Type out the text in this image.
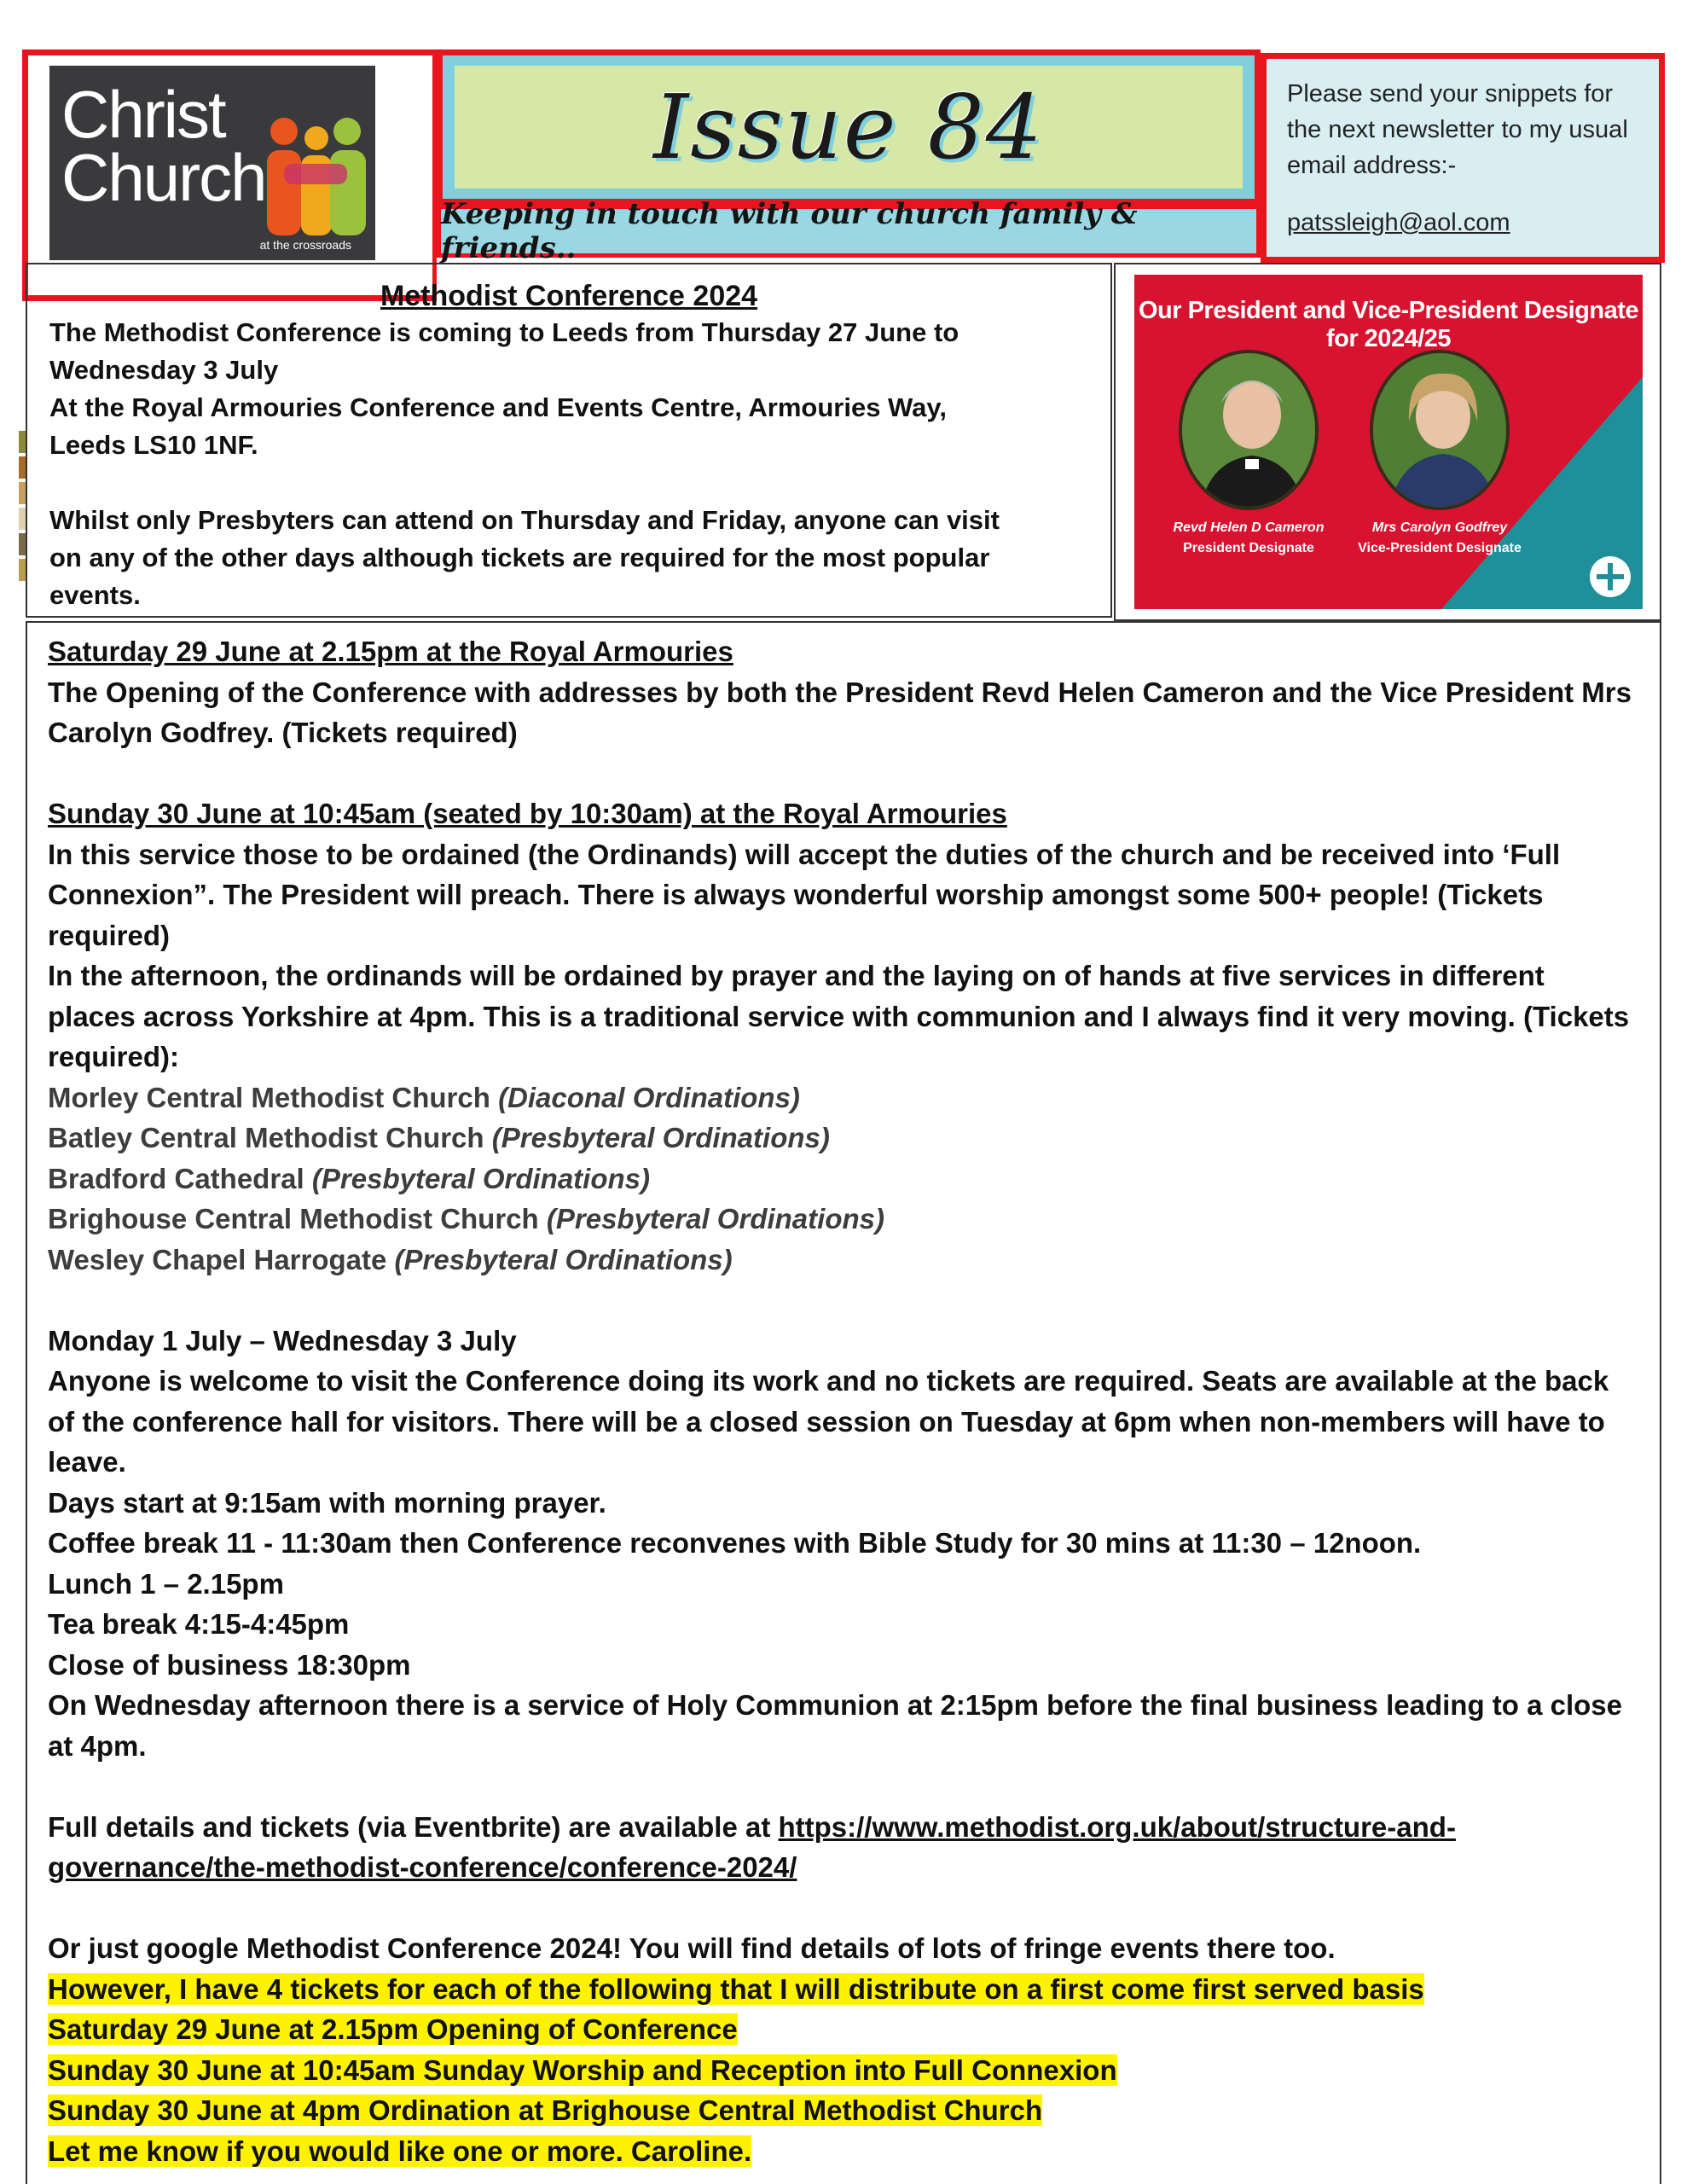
Christ
Church
at the crossroads
Issue 84
Keeping in touch with our church family & friends..
Please send your snippets for the next newsletter to my usual email address:-
patssleigh@aol.com
Methodist Conference 2024
The Methodist Conference is coming to Leeds from Thursday 27 June to
Wednesday 3 July
At the Royal Armouries Conference and Events Centre, Armouries Way,
Leeds LS10 1NF.
Whilst only Presbyters can attend on Thursday and Friday, anyone can visit
on any of the other days although tickets are required for the most popular
events.
Our President and Vice-President Designate for 2024/25
Revd Helen D Cameron
President Designate
Mrs Carolyn Godfrey
Vice-President Designate
Saturday 29 June at 2.15pm at the Royal Armouries
The Opening of the Conference with addresses by both the President Revd Helen Cameron and the Vice President Mrs Carolyn Godfrey. (Tickets required)
Sunday 30 June at 10:45am (seated by 10:30am) at the Royal Armouries
In this service those to be ordained (the Ordinands) will accept the duties of the church and be received into ‘Full Connexion”. The President will preach. There is always wonderful worship amongst some 500+ people! (Tickets required)
In the afternoon, the ordinands will be ordained by prayer and the laying on of hands at five services in different places across Yorkshire at 4pm. This is a traditional service with communion and I always find it very moving. (Tickets required):
Morley Central Methodist Church (Diaconal Ordinations)
Batley Central Methodist Church (Presbyteral Ordinations)
Bradford Cathedral (Presbyteral Ordinations)
Brighouse Central Methodist Church (Presbyteral Ordinations)
Wesley Chapel Harrogate (Presbyteral Ordinations)
Monday 1 July – Wednesday 3 July
Anyone is welcome to visit the Conference doing its work and no tickets are required. Seats are available at the back of the conference hall for visitors. There will be a closed session on Tuesday at 6pm when non-members will have to leave.
Days start at 9:15am with morning prayer.
Coffee break 11 - 11:30am then Conference reconvenes with Bible Study for 30 mins at 11:30 – 12noon.
Lunch 1 – 2.15pm
Tea break 4:15-4:45pm
Close of business 18:30pm
On Wednesday afternoon there is a service of Holy Communion at 2:15pm before the final business leading to a close at 4pm.
Full details and tickets (via Eventbrite) are available at https://www.methodist.org.uk/about/structure-and-governance/the-methodist-conference/conference-2024/
Or just google Methodist Conference 2024! You will find details of lots of fringe events there too.
However, I have 4 tickets for each of the following that I will distribute on a first come first served basis
Saturday 29 June at 2.15pm Opening of Conference
Sunday 30 June at 10:45am Sunday Worship and Reception into Full Connexion
Sunday 30 June at 4pm Ordination at Brighouse Central Methodist Church
Let me know if you would like one or more. Caroline.
